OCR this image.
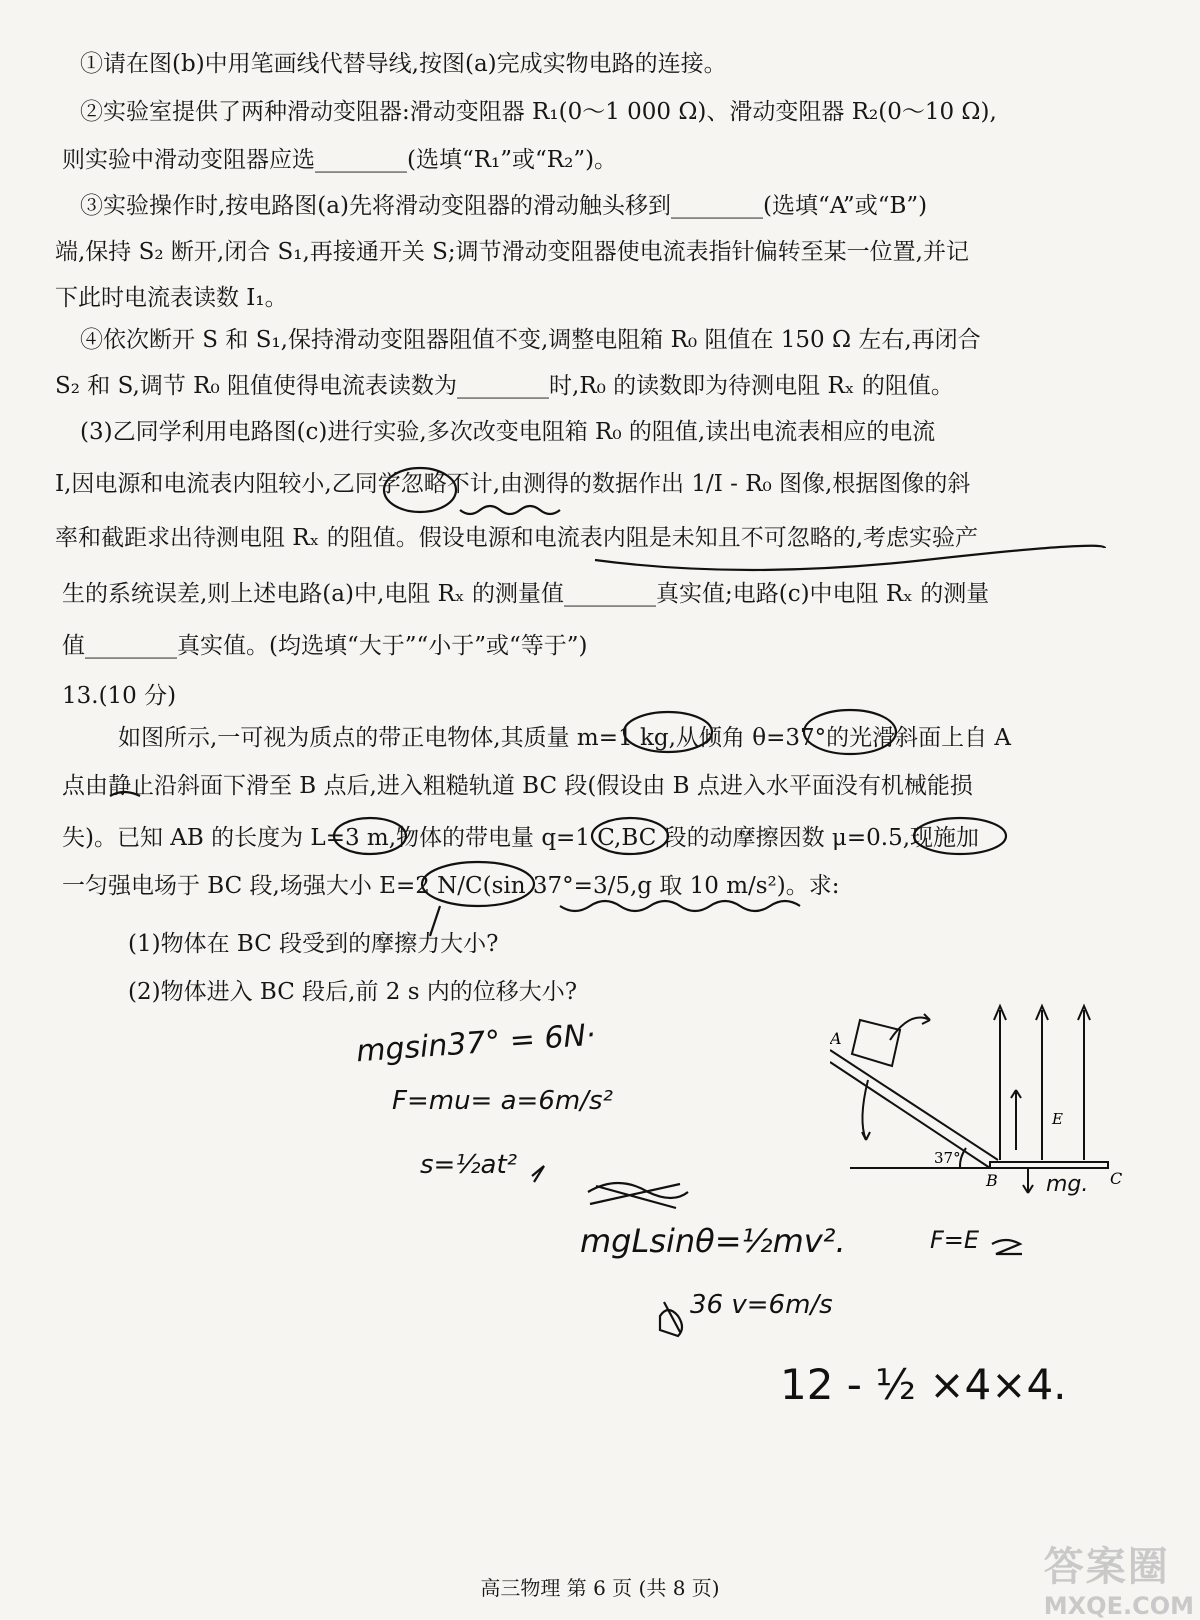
①请在图(b)中用笔画线代替导线,按图(a)完成实物电路的连接。
②实验室提供了两种滑动变阻器:滑动变阻器 R₁(0～1 000 Ω)、滑动变阻器 R₂(0～10 Ω),
则实验中滑动变阻器应选________(选填“R₁”或“R₂”)。
③实验操作时,按电路图(a)先将滑动变阻器的滑动触头移到________(选填“A”或“B”)
端,保持 S₂ 断开,闭合 S₁,再接通开关 S;调节滑动变阻器使电流表指针偏转至某一位置,并记
下此时电流表读数 I₁。
④依次断开 S 和 S₁,保持滑动变阻器阻值不变,调整电阻箱 R₀ 阻值在 150 Ω 左右,再闭合
S₂ 和 S,调节 R₀ 阻值使得电流表读数为________时,R₀ 的读数即为待测电阻 Rₓ 的阻值。
(3)乙同学利用电路图(c)进行实验,多次改变电阻箱 R₀ 的阻值,读出电流表相应的电流
I,因电源和电流表内阻较小,乙同学忽略不计,由测得的数据作出 1/I - R₀ 图像,根据图像的斜
率和截距求出待测电阻 Rₓ 的阻值。假设电源和电流表内阻是未知且不可忽略的,考虑实验产
生的系统误差,则上述电路(a)中,电阻 Rₓ 的测量值________真实值;电路(c)中电阻 Rₓ 的测量
值________真实值。(均选填“大于”“小于”或“等于”)
13.(10 分)
如图所示,一可视为质点的带正电物体,其质量 m=1 kg,从倾角 θ=37°的光滑斜面上自 A
点由静止沿斜面下滑至 B 点后,进入粗糙轨道 BC 段(假设由 B 点进入水平面没有机械能损
失)。已知 AB 的长度为 L=3 m,物体的带电量 q=1 C,BC 段的动摩擦因数 μ=0.5,现施加
一匀强电场于 BC 段,场强大小 E=2 N/C(sin 37°=3/5,g 取 10 m/s²)。求:
(1)物体在 BC 段受到的摩擦力大小?
(2)物体进入 BC 段后,前 2 s 内的位移大小?
A
B	C
37°
E
mgsin37° = 6N·
F=mu= a=6m/s²
s=½at²
mgLsinθ=½mv².
36 v=6m/s
12 - ½ ×4×4.
mg.
F=E
高三物理 第 6 页 (共 8 页)	答案圈
MXQE.COM
